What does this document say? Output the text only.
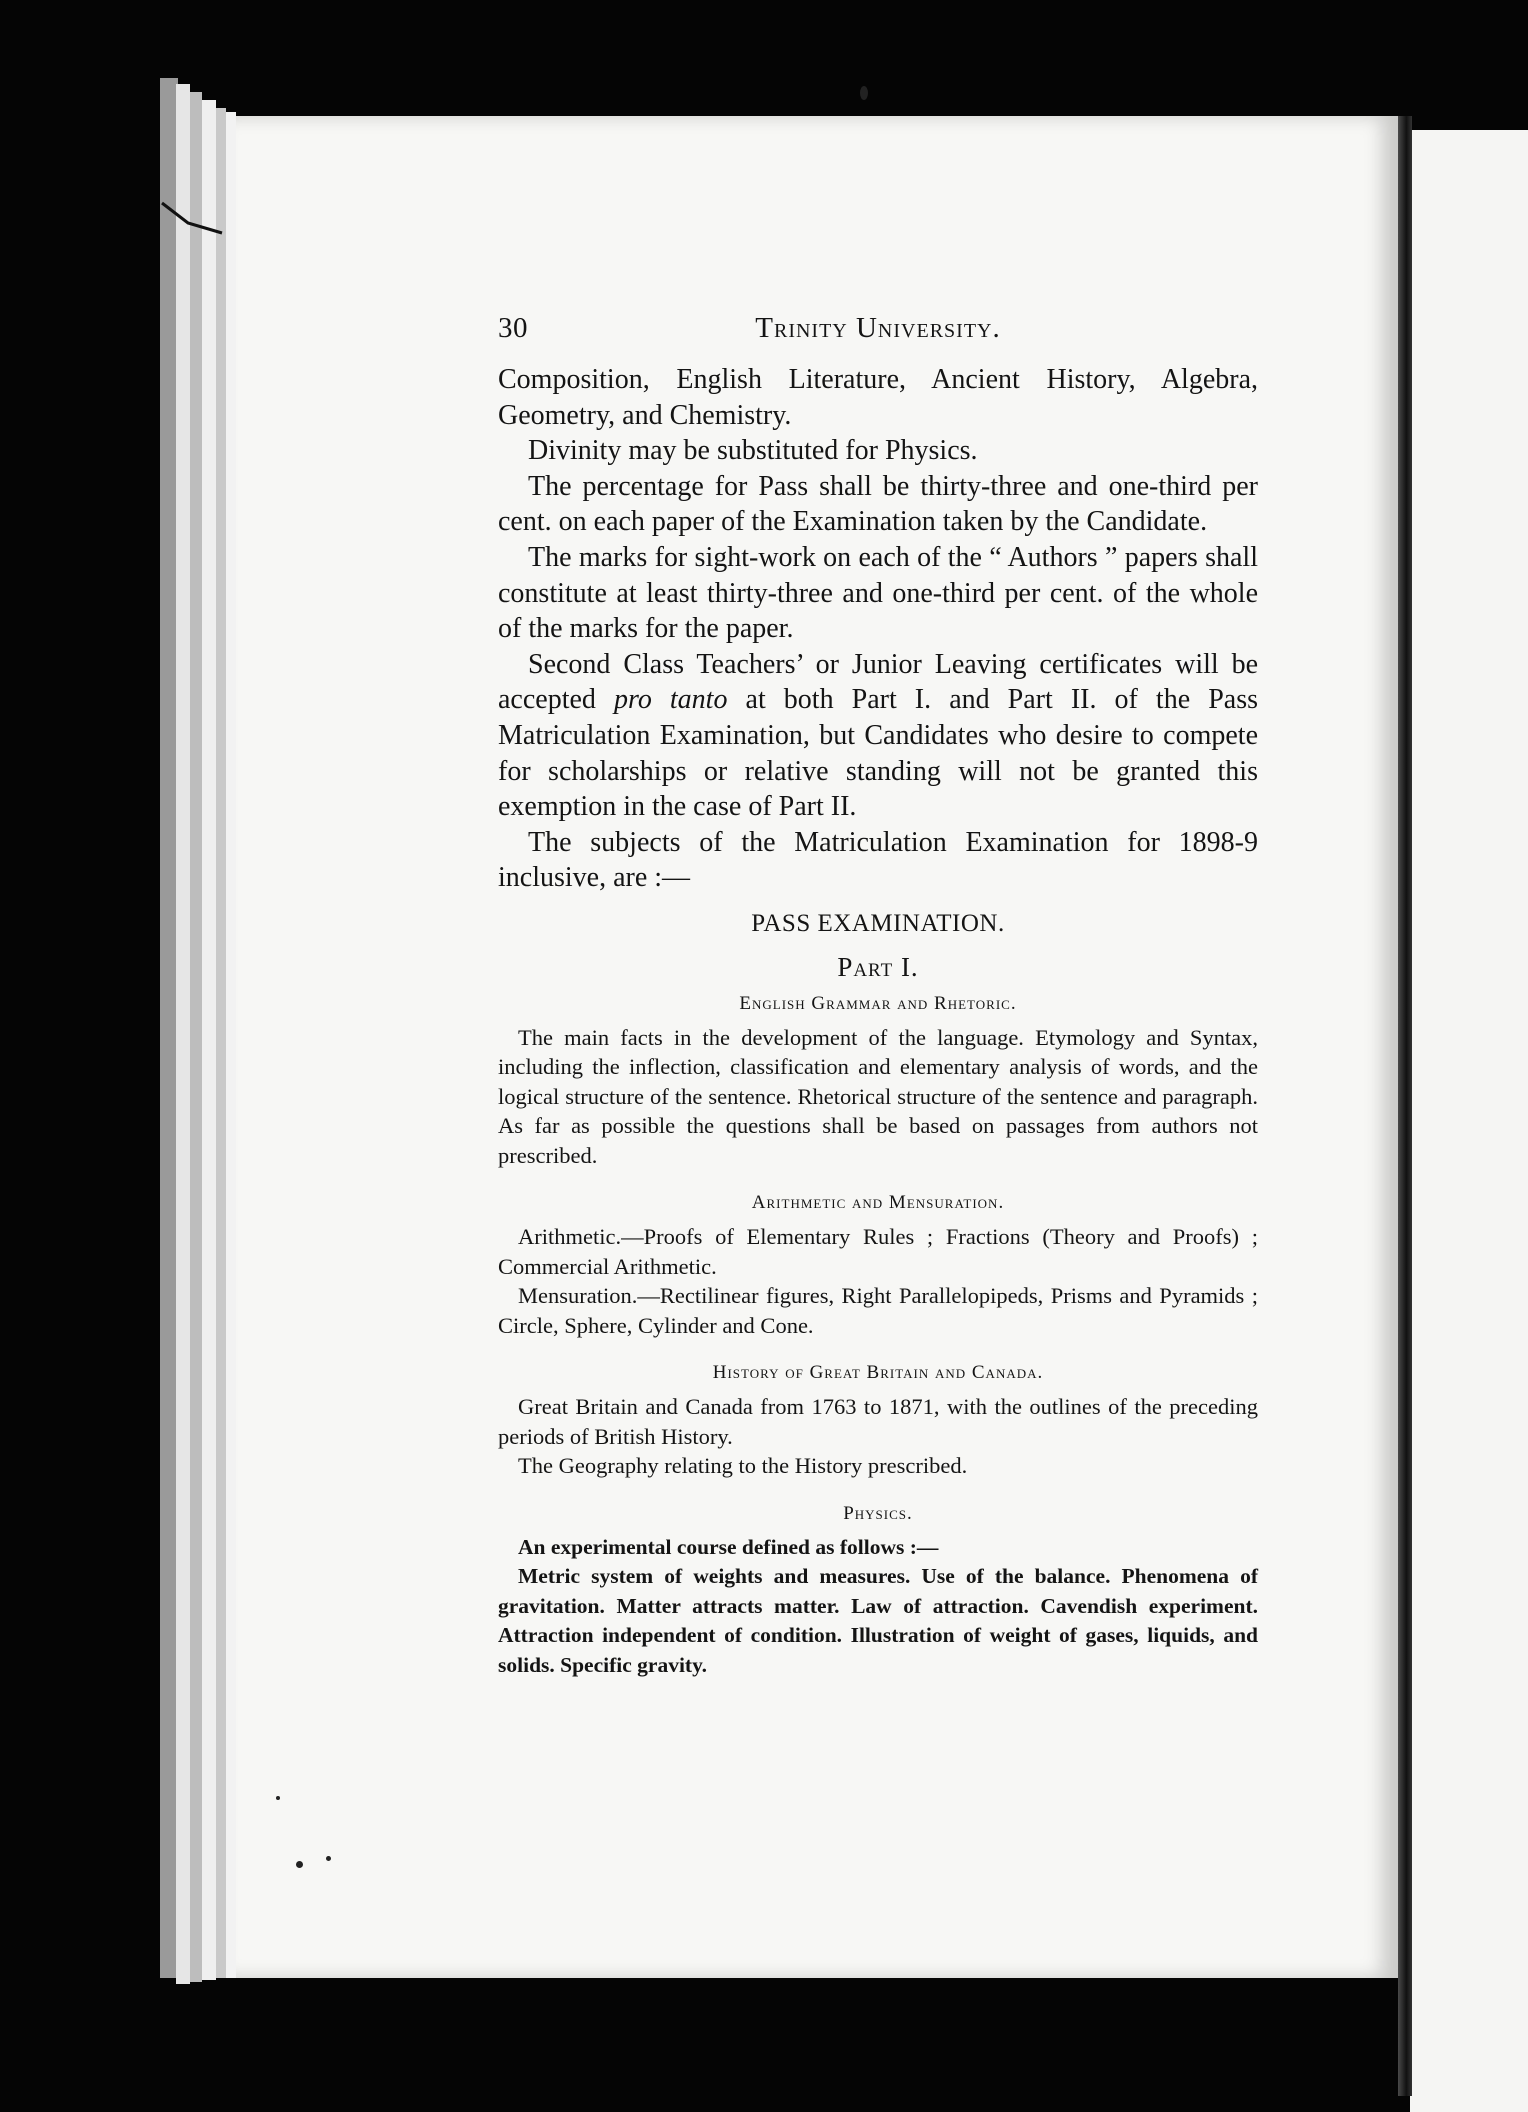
30	Trinity University.

Composition, English Literature, Ancient History, Algebra, Geometry, and Chemistry.

Divinity may be substituted for Physics.

The percentage for Pass shall be thirty-three and one-third per cent. on each paper of the Examination taken by the Candidate.

The marks for sight-work on each of the “ Authors ” papers shall constitute at least thirty-three and one-third per cent. of the whole of the marks for the paper.

Second Class Teachers’ or Junior Leaving certificates will be accepted pro tanto at both Part I. and Part II. of the Pass Matriculation Examination, but Candidates who desire to compete for scholarships or relative standing will not be granted this exemption in the case of Part II.

The subjects of the Matriculation Examination for 1898-9 inclusive, are :—

PASS EXAMINATION.

Part I.

English Grammar and Rhetoric.

The main facts in the development of the language. Etymology and Syntax, including the inflection, classification and elementary analysis of words, and the logical structure of the sentence. Rhetorical structure of the sentence and paragraph. As far as possible the questions shall be based on passages from authors not prescribed.

Arithmetic and Mensuration.

Arithmetic.—Proofs of Elementary Rules ; Fractions (Theory and Proofs) ; Commercial Arithmetic.

Mensuration.—Rectilinear figures, Right Parallelopipeds, Prisms and Pyramids ; Circle, Sphere, Cylinder and Cone.

History of Great Britain and Canada.

Great Britain and Canada from 1763 to 1871, with the outlines of the preceding periods of British History.

The Geography relating to the History prescribed.

Physics.

An experimental course defined as follows :—

Metric system of weights and measures. Use of the balance. Phenomena of gravitation. Matter attracts matter. Law of attraction. Cavendish experiment. Attraction independent of condition. Illustration of weight of gases, liquids, and solids. Specific gravity.
